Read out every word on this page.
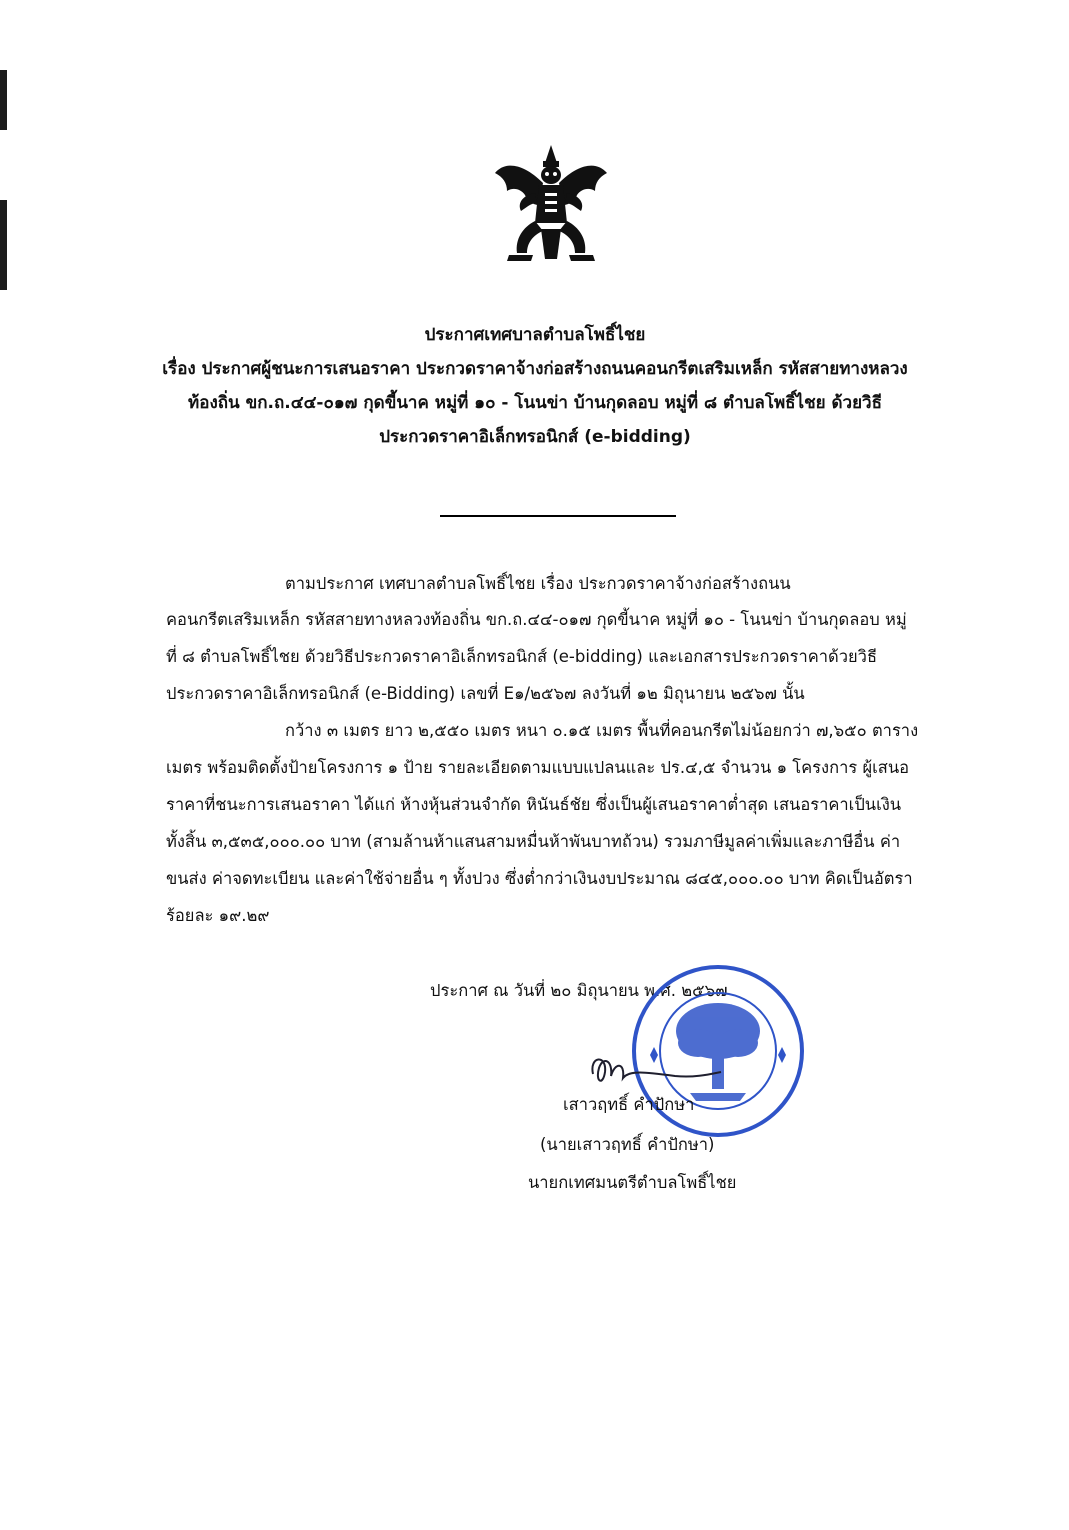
ประกาศเทศบาลตำบลโพธิ์ไชย
เรื่อง ประกาศผู้ชนะการเสนอราคา ประกวดราคาจ้างก่อสร้างถนนคอนกรีตเสริมเหล็ก รหัสสายทางหลวง
ท้องถิ่น ขก.ถ.๔๔-๐๑๗ กุดขี้นาค หมู่ที่ ๑๐ - โนนข่า บ้านกุดลอบ หมู่ที่ ๘ ตำบลโพธิ์ไชย ด้วยวิธี
ประกวดราคาอิเล็กทรอนิกส์ (e-bidding)
ตามประกาศ เทศบาลตำบลโพธิ์ไชย เรื่อง ประกวดราคาจ้างก่อสร้างถนน
คอนกรีตเสริมเหล็ก รหัสสายทางหลวงท้องถิ่น ขก.ถ.๔๔-๐๑๗ กุดขี้นาค หมู่ที่ ๑๐ - โนนข่า บ้านกุดลอบ หมู่
ที่ ๘ ตำบลโพธิ์ไชย ด้วยวิธีประกวดราคาอิเล็กทรอนิกส์ (e-bidding) และเอกสารประกวดราคาด้วยวิธี
ประกวดราคาอิเล็กทรอนิกส์ (e-Bidding) เลขที่ E๑/๒๕๖๗ ลงวันที่ ๑๒ มิถุนายน ๒๕๖๗ นั้น
กว้าง ๓ เมตร ยาว ๒,๕๕๐ เมตร หนา ๐.๑๕ เมตร พื้นที่คอนกรีตไม่น้อยกว่า ๗,๖๕๐ ตาราง
เมตร พร้อมติดตั้งป้ายโครงการ ๑ ป้าย รายละเอียดตามแบบแปลนและ ปร.๔,๕ จำนวน ๑ โครงการ ผู้เสนอ
ราคาที่ชนะการเสนอราคา ได้แก่ ห้างหุ้นส่วนจำกัด หินันธ์ชัย ซึ่งเป็นผู้เสนอราคาต่ำสุด เสนอราคาเป็นเงิน
ทั้งสิ้น ๓,๕๓๕,๐๐๐.๐๐ บาท (สามล้านห้าแสนสามหมื่นห้าพันบาทถ้วน) รวมภาษีมูลค่าเพิ่มและภาษีอื่น ค่า
ขนส่ง ค่าจดทะเบียน และค่าใช้จ่ายอื่น ๆ ทั้งปวง ซึ่งต่ำกว่าเงินงบประมาณ ๘๔๕,๐๐๐.๐๐ บาท คิดเป็นอัตรา
ร้อยละ ๑๙.๒๙
ประกาศ ณ วันที่ ๒๐ มิถุนายน พ.ศ. ๒๕๖๗
เสาวฤทธิ์ คำปักษา
(นายเสาวฤทธิ์ คำปักษา)
นายกเทศมนตรีตำบลโพธิ์ไชย
